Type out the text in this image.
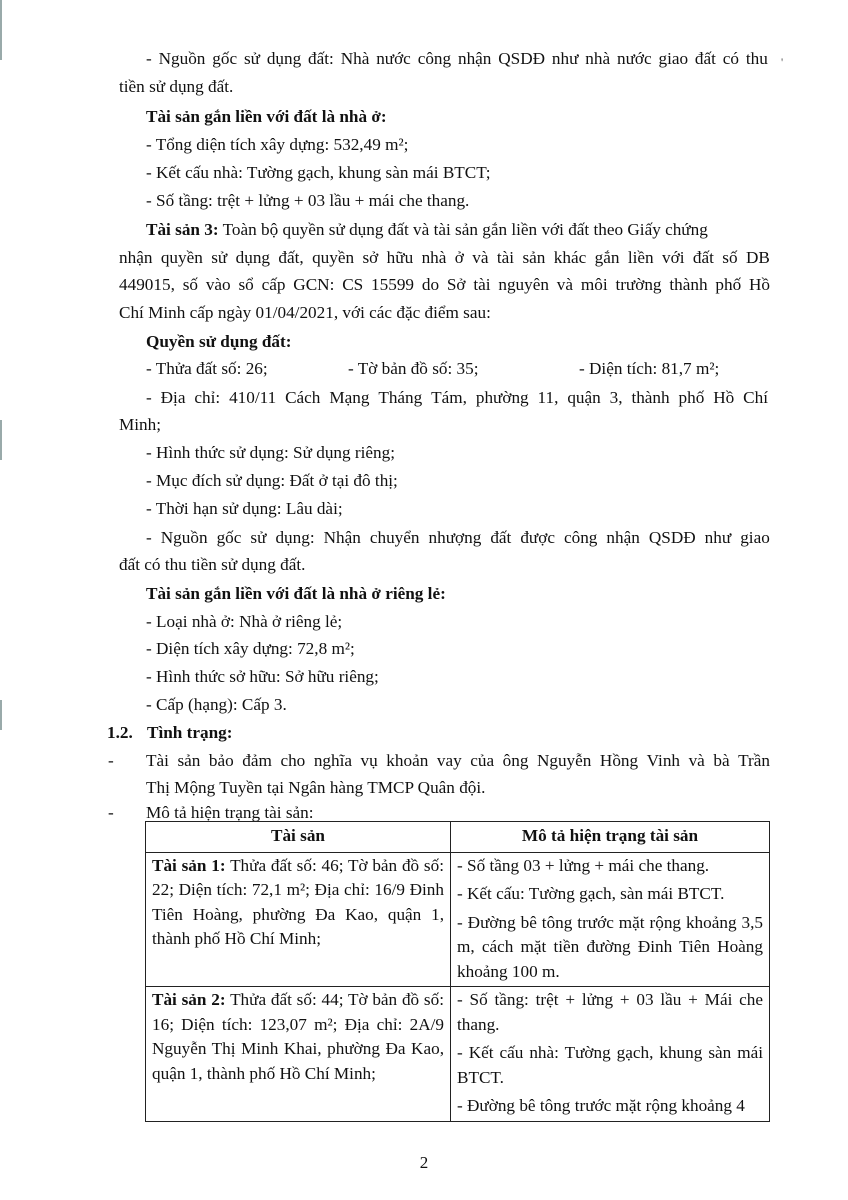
'
- Nguồn gốc sử dụng đất: Nhà nước công nhận QSDĐ như nhà nước giao đất có thu
tiền sử dụng đất.
Tài sản gắn liền với đất là nhà ở:
- Tổng diện tích xây dựng: 532,49 m²;
- Kết cấu nhà: Tường gạch, khung sàn mái BTCT;
- Số tầng: trệt + lửng + 03 lầu + mái che thang.
Tài sản 3: Toàn bộ quyền sử dụng đất và tài sản gắn liền với đất theo Giấy chứng
nhận quyền sử dụng đất, quyền sở hữu nhà ở và tài sản khác gắn liền với đất số DB
449015, số vào sổ cấp GCN: CS 15599 do Sở tài nguyên và môi trường thành phố Hồ
Chí Minh cấp ngày 01/04/2021, với các đặc điểm sau:
Quyền sử dụng đất:
- Thửa đất số: 26;	- Tờ bản đồ số: 35;	- Diện tích: 81,7 m²;
- Địa chỉ: 410/11 Cách Mạng Tháng Tám, phường 11, quận 3, thành phố Hồ Chí
Minh;
- Hình thức sử dụng: Sử dụng riêng;
- Mục đích sử dụng: Đất ở tại đô thị;
- Thời hạn sử dụng: Lâu dài;
- Nguồn gốc sử dụng: Nhận chuyển nhượng đất được công nhận QSDĐ như giao
đất có thu tiền sử dụng đất.
Tài sản gắn liền với đất là nhà ở riêng lẻ:
- Loại nhà ở: Nhà ở riêng lẻ;
- Diện tích xây dựng: 72,8 m²;
- Hình thức sở hữu: Sở hữu riêng;
- Cấp (hạng): Cấp 3.
1.2. Tình trạng:
- Tài sản bảo đảm cho nghĩa vụ khoản vay của ông Nguyễn Hồng Vinh và bà Trần
Thị Mộng Tuyền tại Ngân hàng TMCP Quân đội.
- Mô tả hiện trạng tài sản:
Tài sản	Mô tả hiện trạng tài sản
Tài sản 1: Thửa đất số: 46; Tờ bản đồ số: 22; Diện tích: 72,1 m²; Địa chỉ: 16/9 Đinh Tiên Hoàng, phường Đa Kao, quận 1, thành phố Hồ Chí Minh;	- Số tầng 03 + lửng + mái che thang.
- Kết cấu: Tường gạch, sàn mái BTCT.
- Đường bê tông trước mặt rộng khoảng 3,5 m, cách mặt tiền đường Đinh Tiên Hoàng khoảng 100 m.

Tài sản 2: Thửa đất số: 44; Tờ bản đồ số: 16; Diện tích: 123,07 m²; Địa chỉ: 2A/9 Nguyễn Thị Minh Khai, phường Đa Kao, quận 1, thành phố Hồ Chí Minh;	- Số tầng: trệt + lửng + 03 lầu + Mái che thang.
- Kết cấu nhà: Tường gạch, khung sàn mái BTCT.
- Đường bê tông trước mặt rộng khoảng 4
2
